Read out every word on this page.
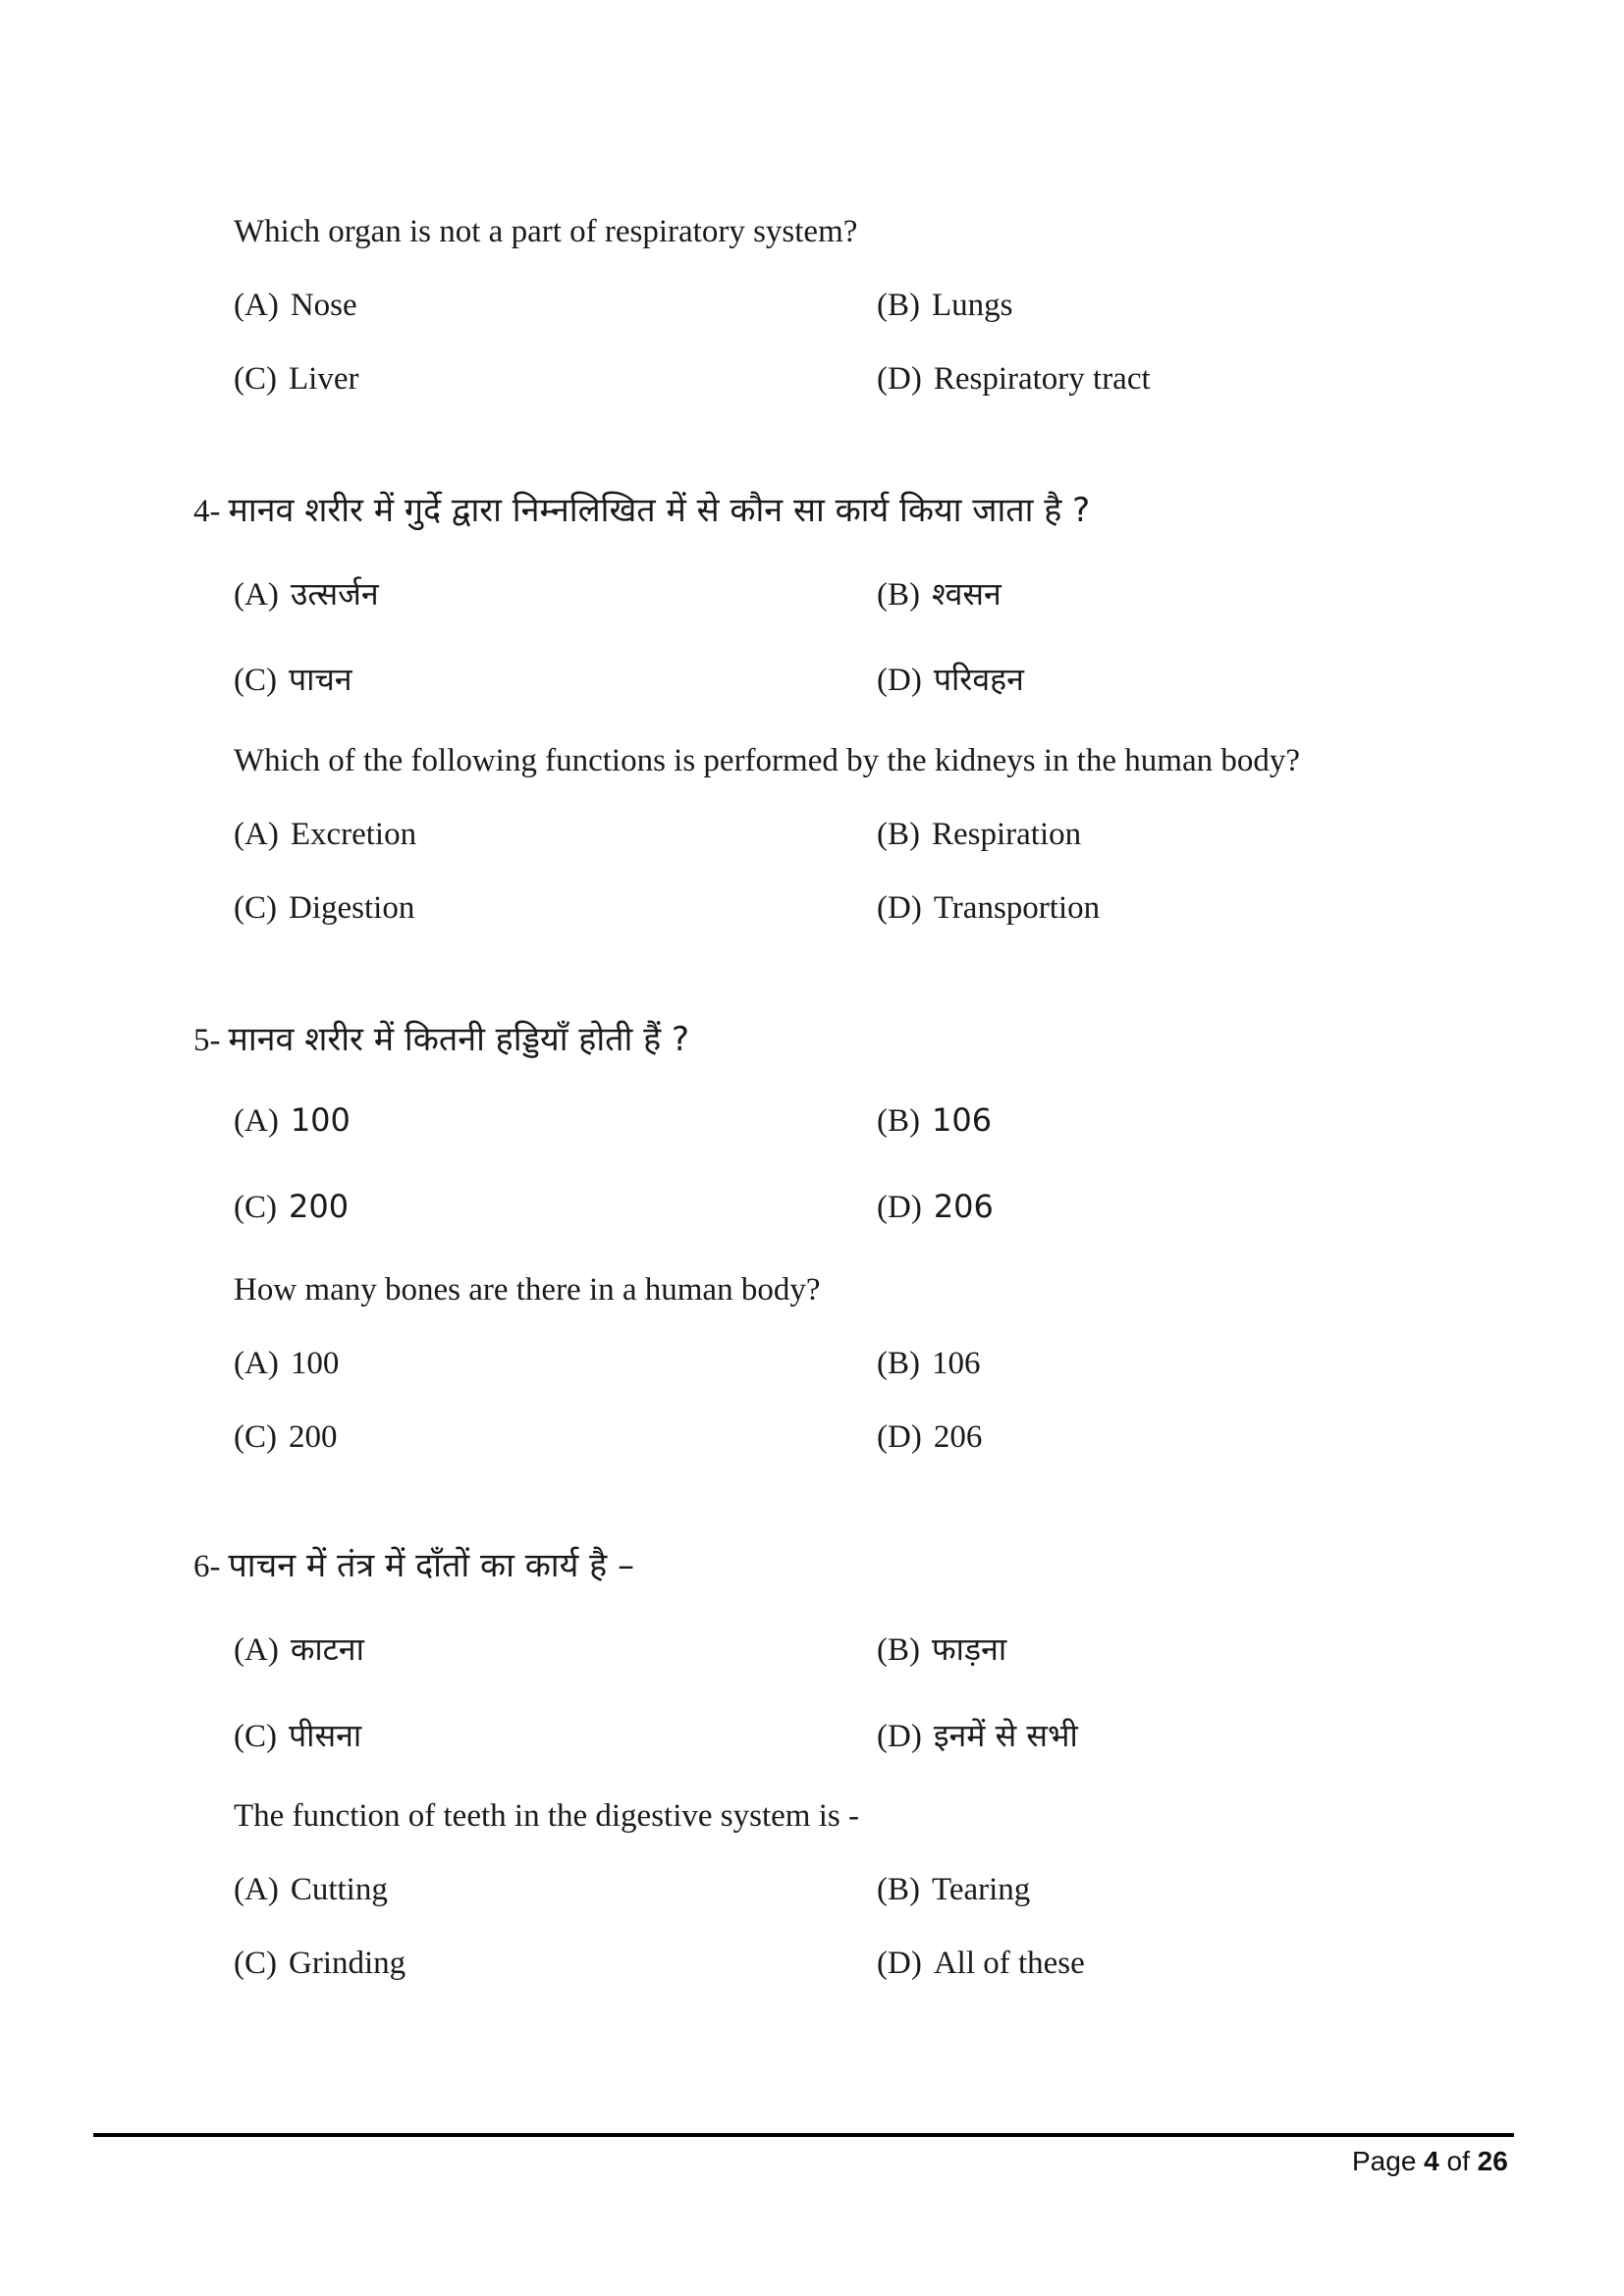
Which organ is not a part of respiratory system?
(A) Nose	(B) Lungs
(C) Liver	(D) Respiratory tract
4- मानव शरीर में गुर्दे द्वारा निम्नलिखित में से कौन सा कार्य किया जाता है ?
(A) उत्सर्जन	(B) श्वसन
(C) पाचन	(D) परिवहन
Which of the following functions is performed by the kidneys in the human body?
(A) Excretion	(B) Respiration
(C) Digestion	(D) Transportion
5- मानव शरीर में कितनी हड्डियाँ होती हैं ?
(A) 100	(B) 106
(C) 200	(D) 206
How many bones are there in a human body?
(A) 100	(B) 106
(C) 200	(D) 206
6- पाचन में तंत्र में दाँतों का कार्य है –
(A) काटना	(B) फाड़ना
(C) पीसना	(D) इनमें से सभी
The function of teeth in the digestive system is -
(A) Cutting	(B) Tearing
(C) Grinding	(D) All of these
Page 4 of 26
